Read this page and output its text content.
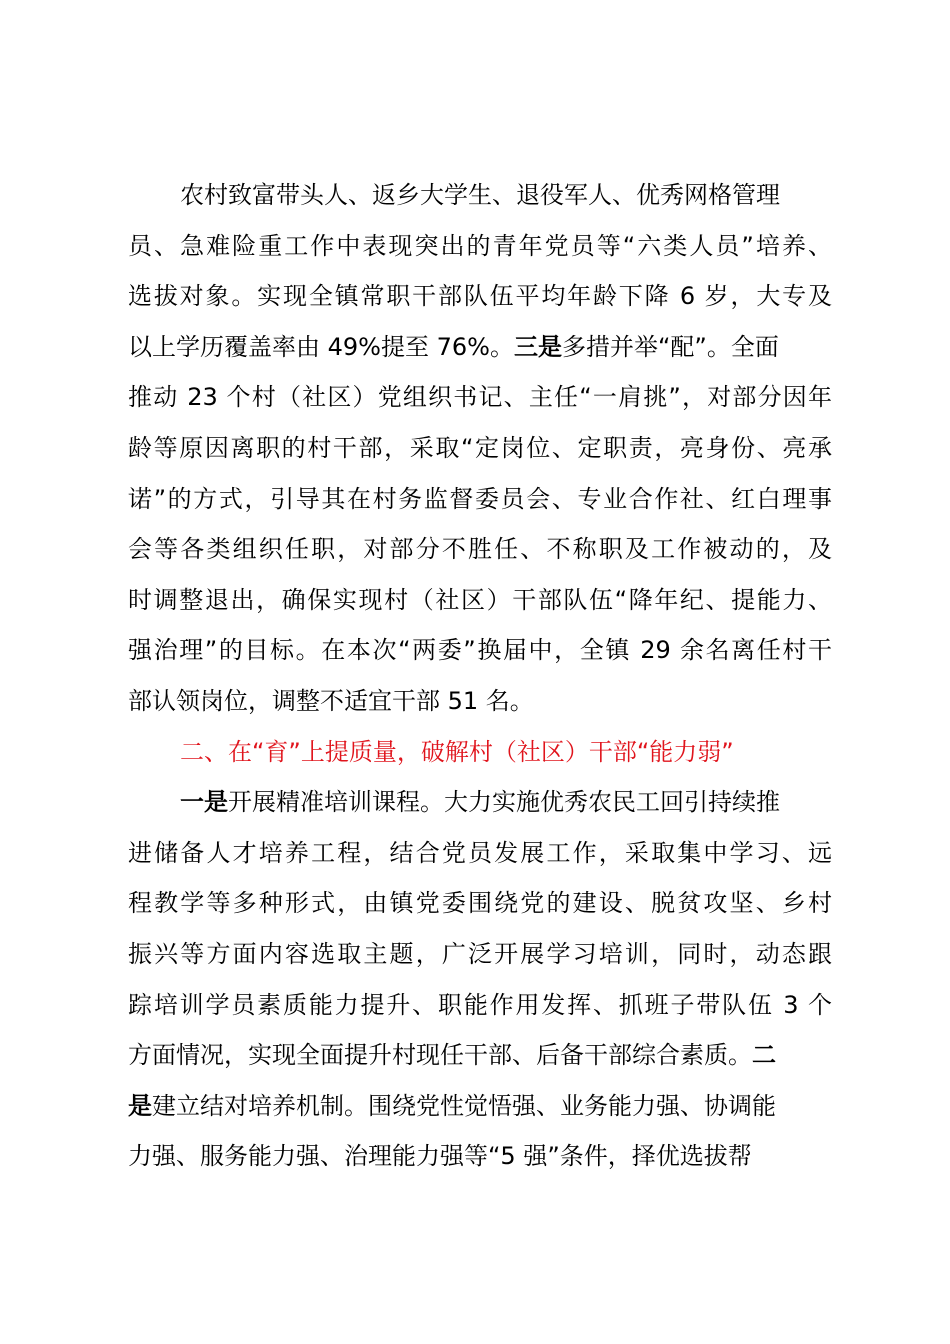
农村致富带头人、返乡大学生、退役军人、优秀网格管理
员、急难险重工作中表现突出的青年党员等“六类人员”培养、
选拔对象。实现全镇常职干部队伍平均年龄下降 6 岁，大专及
以上学历覆盖率由 49%提至 76%。三是多措并举“配”。全面
推动 23 个村（社区）党组织书记、主任“一肩挑”，对部分因年
龄等原因离职的村干部，采取“定岗位、定职责，亮身份、亮承
诺”的方式，引导其在村务监督委员会、专业合作社、红白理事
会等各类组织任职，对部分不胜任、不称职及工作被动的，及
时调整退出，确保实现村（社区）干部队伍“降年纪、提能力、
强治理”的目标。在本次“两委”换届中，全镇 29 余名离任村干
部认领岗位，调整不适宜干部 51 名。
二、在“育”上提质量，破解村（社区）干部“能力弱”
一是开展精准培训课程。大力实施优秀农民工回引持续推
进储备人才培养工程，结合党员发展工作，采取集中学习、远
程教学等多种形式，由镇党委围绕党的建设、脱贫攻坚、乡村
振兴等方面内容选取主题，广泛开展学习培训，同时，动态跟
踪培训学员素质能力提升、职能作用发挥、抓班子带队伍 3 个
方面情况，实现全面提升村现任干部、后备干部综合素质。二
是建立结对培养机制。围绕党性觉悟强、业务能力强、协调能
力强、服务能力强、治理能力强等“5 强”条件，择优选拔帮
